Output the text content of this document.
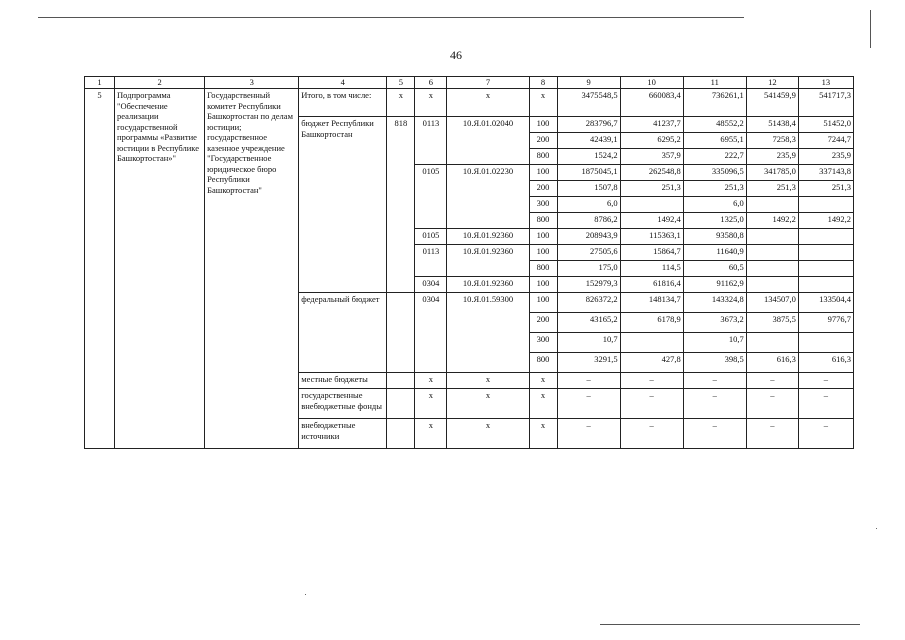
46
1	2	3	4	5	6	7	8	9	10	11	12	13
5	Подпрограмма "Обеспечение реализации государственной программы «Развитие юстиции в Республике Башкортостан»"	Государственный комитет Республики Башкортостан по делам юстиции; государственное казенное учреждение "Государственное юридическое бюро Республики Башкортостан"	Итого, в том числе:	x	x	x	x	3475548,5	660083,4	736261,1	541459,9	541717,3
			бюджет Республики Башкортостан	818	0113	10.Я.01.02040	100	283796,7	41237,7	48552,2	51438,4	51452,0
							200	42439,1	6295,2	6955,1	7258,3	7244,7
							800	1524,2	357,9	222,7	235,9	235,9
					0105	10.Я.01.02230	100	1875045,1	262548,8	335096,5	341785,0	337143,8
							200	1507,8	251,3	251,3	251,3	251,3
							300	6,0		6,0		
							800	8786,2	1492,4	1325,0	1492,2	1492,2
					0105	10.Я.01.92360	100	208943,9	115363,1	93580,8		
					0113	10.Я.01.92360	100	27505,6	15864,7	11640,9		
							800	175,0	114,5	60,5		
					0304	10.Я.01.92360	100	152979,3	61816,4	91162,9		
			федеральный бюджет		0304	10.Я.01.59300	100	826372,2	148134,7	143324,8	134507,0	133504,4
							200	43165,2	6178,9	3673,2	3875,5	9776,7
							300	10,7		10,7		
							800	3291,5	427,8	398,5	616,3	616,3
			местные бюджеты		x	x	x	–	–	–	–	–
			государственные внебюджетные фонды		x	x	x	–	–	–	–	–
			внебюджетные источники		x	x	x	–	–	–	–	–
